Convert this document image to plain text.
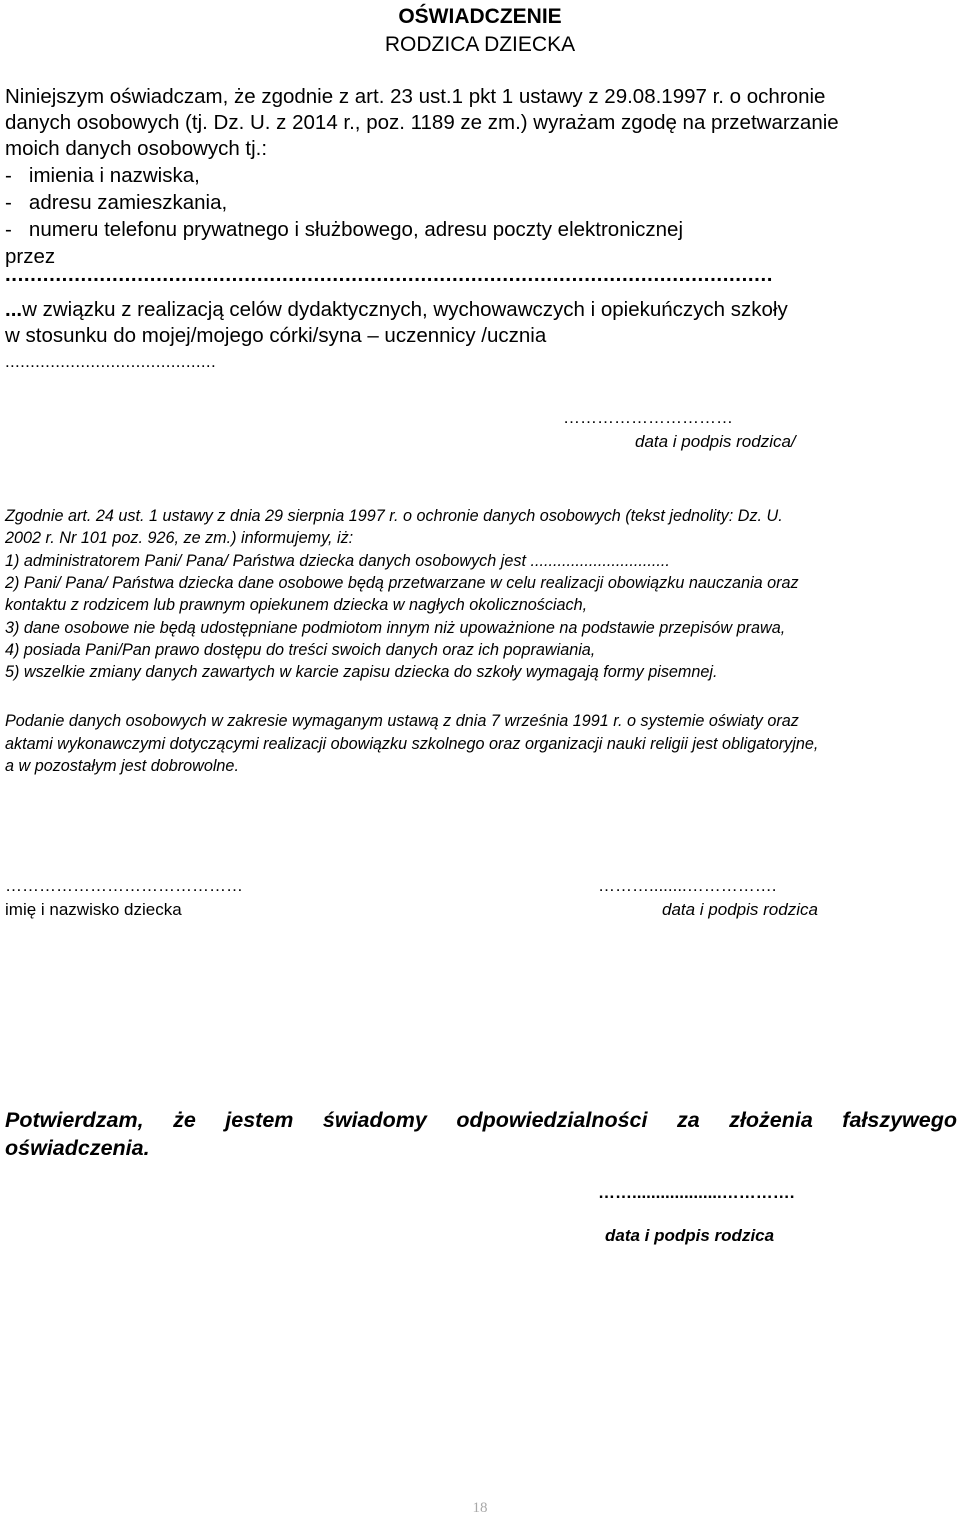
OŚWIADCZENIE

RODZICA DZIECKA

Niniejszym oświadczam, że zgodnie z art. 23 ust.1 pkt 1 ustawy z 29.08.1997 r. o ochronie

danych osobowych (tj. Dz. U. z 2014 r., poz. 1189 ze zm.) wyrażam zgodę na przetwarzanie

moich danych osobowych tj.:

-   imienia i nazwiska,

-   adresu zamieszkania,

-   numeru telefonu prywatnego i służbowego, adresu poczty elektronicznej

przez

..........................................................................................................................

...w związku z realizacją celów dydaktycznych, wychowawczych i opiekuńczych szkoły

w stosunku do mojej/mojego córki/syna – uczennicy /ucznia

..........................................

…………………………

data i podpis rodzica/

Zgodnie art. 24 ust. 1 ustawy z dnia 29 sierpnia 1997 r. o ochronie danych osobowych (tekst jednolity: Dz. U.

2002 r. Nr 101 poz. 926, ze zm.) informujemy, iż:

1) administratorem Pani/ Pana/ Państwa dziecka danych osobowych jest ...............................

2) Pani/ Pana/ Państwa dziecka dane osobowe będą przetwarzane w celu realizacji obowiązku nauczania oraz

kontaktu z rodzicem lub prawnym opiekunem dziecka w nagłych okolicznościach,

3) dane osobowe nie będą udostępniane podmiotom innym niż upoważnione na podstawie przepisów prawa,

4) posiada Pani/Pan prawo dostępu do treści swoich danych oraz ich poprawiania,

5) wszelkie zmiany danych zawartych w karcie zapisu dziecka do szkoły wymagają formy pisemnej.

Podanie danych osobowych w zakresie wymaganym ustawą z dnia 7 września 1991 r. o systemie oświaty oraz

aktami wykonawczymi dotyczącymi realizacji obowiązku szkolnego oraz organizacji nauki religii jest obligatoryjne,

a w pozostałym jest dobrowolne.

……………………………………

imię i nazwisko dziecka

………........…………….

data i podpis rodzica

Potwierdzam, że jestem świadomy odpowiedzialności za złożenia fałszywego
oświadczenia.

……...................………….

data i podpis rodzica

18
